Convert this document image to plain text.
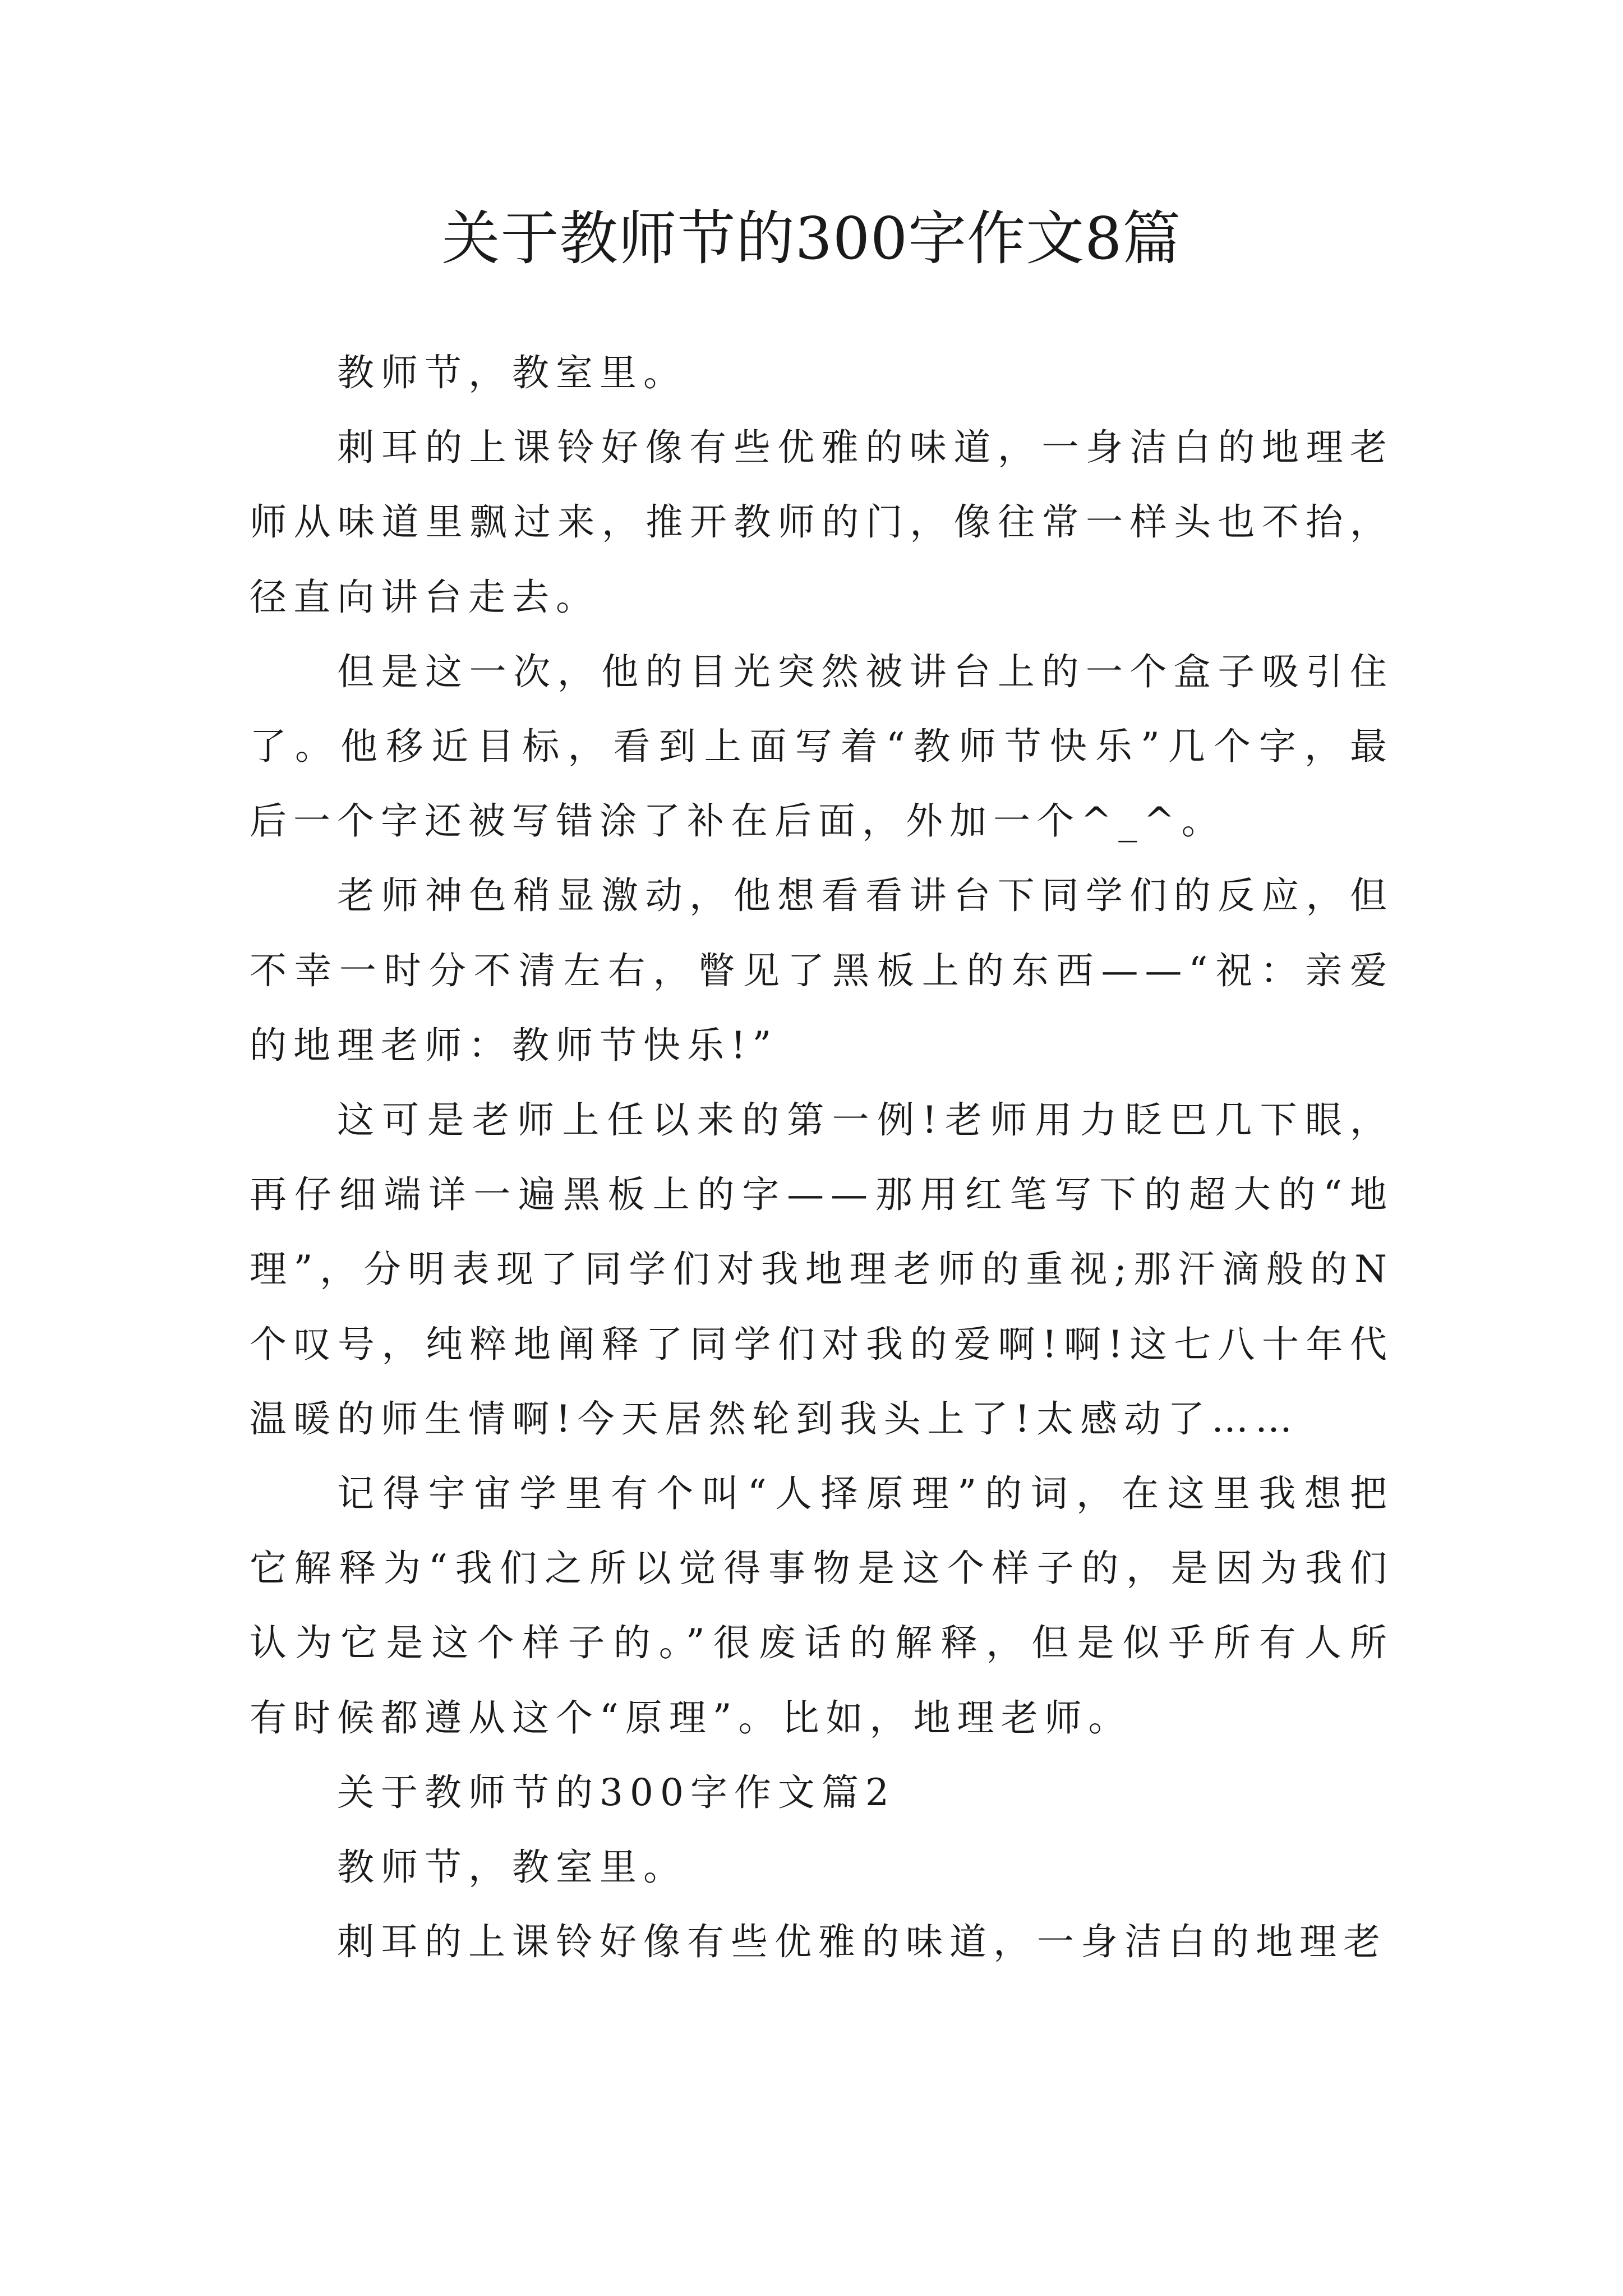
关于教师节的300字作文8篇

教师节，教室里。

刺耳的上课铃好像有些优雅的味道，一身洁白的地理老师从味道里飘过来，推开教师的门，像往常一样头也不抬，径直向讲台走去。

但是这一次，他的目光突然被讲台上的一个盒子吸引住了。他移近目标，看到上面写着“教师节快乐”几个字，最后一个字还被写错涂了补在后面，外加一个^_^。

老师神色稍显激动，他想看看讲台下同学们的反应，但不幸一时分不清左右，瞥见了黑板上的东西——“祝：亲爱的地理老师：教师节快乐!”

这可是老师上任以来的第一例!老师用力眨巴几下眼，再仔细端详一遍黑板上的字——那用红笔写下的超大的“地理”，分明表现了同学们对我地理老师的重视;那汗滴般的N个叹号，纯粹地阐释了同学们对我的爱啊!啊!这七八十年代温暖的师生情啊!今天居然轮到我头上了!太感动了……

记得宇宙学里有个叫“人择原理”的词，在这里我想把它解释为“我们之所以觉得事物是这个样子的，是因为我们认为它是这个样子的。”很废话的解释，但是似乎所有人所有时候都遵从这个“原理”。比如，地理老师。

关于教师节的300字作文篇2

教师节，教室里。

刺耳的上课铃好像有些优雅的味道，一身洁白的地理老
